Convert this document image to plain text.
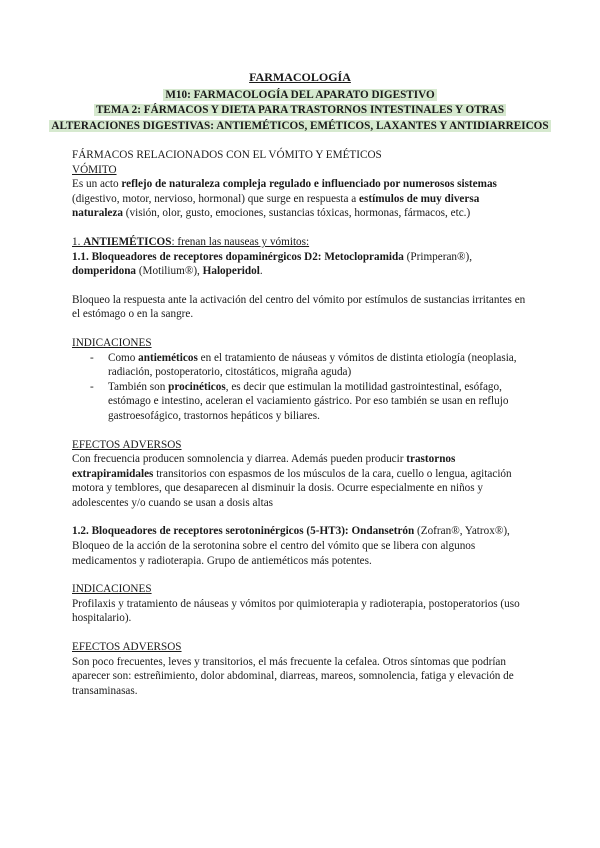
FARMACOLOGÍA
M10: FARMACOLOGÍA DEL APARATO DIGESTIVO
TEMA 2: FÁRMACOS Y DIETA PARA TRASTORNOS INTESTINALES Y OTRAS
ALTERACIONES DIGESTIVAS: ANTIEMÉTICOS, EMÉTICOS, LAXANTES Y ANTIDIARREICOS

FÁRMACOS RELACIONADOS CON EL VÓMITO Y EMÉTICOS

VÓMITO

Es un acto reflejo de naturaleza compleja regulado e influenciado por numerosos sistemas (digestivo, motor, nervioso, hormonal) que surge en respuesta a estímulos de muy diversa naturaleza (visión, olor, gusto, emociones, sustancias tóxicas, hormonas, fármacos, etc.)

1. ANTIEMÉTICOS: frenan las nauseas y vómitos:

1.1. Bloqueadores de receptores dopaminérgicos D2: Metoclopramida (Primperan®), domperidona (Motilium®), Haloperidol.

Bloqueo la respuesta ante la activación del centro del vómito por estímulos de sustancias irritantes en el estómago o en la sangre.

INDICACIONES

- Como antieméticos en el tratamiento de náuseas y vómitos de distinta etiología (neoplasia, radiación, postoperatorio, citostáticos, migraña aguda)
- También son procinéticos, es decir que estimulan la motilidad gastrointestinal, esófago, estómago e intestino, aceleran el vaciamiento gástrico. Por eso también se usan en reflujo gastroesofágico, trastornos hepáticos y biliares.

EFECTOS ADVERSOS

Con frecuencia producen somnolencia y diarrea. Además pueden producir trastornos extrapiramidales transitorios con espasmos de los músculos de la cara, cuello o lengua, agitación motora y temblores, que desaparecen al disminuir la dosis. Ocurre especialmente en niños y adolescentes y/o cuando se usan a dosis altas

1.2. Bloqueadores de receptores serotoninérgicos (5-HT3): Ondansetrón (Zofran®, Yatrox®), Bloqueo de la acción de la serotonina sobre el centro del vómito que se libera con algunos medicamentos y radioterapia. Grupo de antieméticos más potentes.

INDICACIONES

Profilaxis y tratamiento de náuseas y vómitos por quimioterapia y radioterapia, postoperatorios (uso hospitalario).

EFECTOS ADVERSOS

Son poco frecuentes, leves y transitorios, el más frecuente la cefalea. Otros síntomas que podrían aparecer son: estreñimiento, dolor abdominal, diarreas, mareos, somnolencia, fatiga y elevación de transaminasas.
